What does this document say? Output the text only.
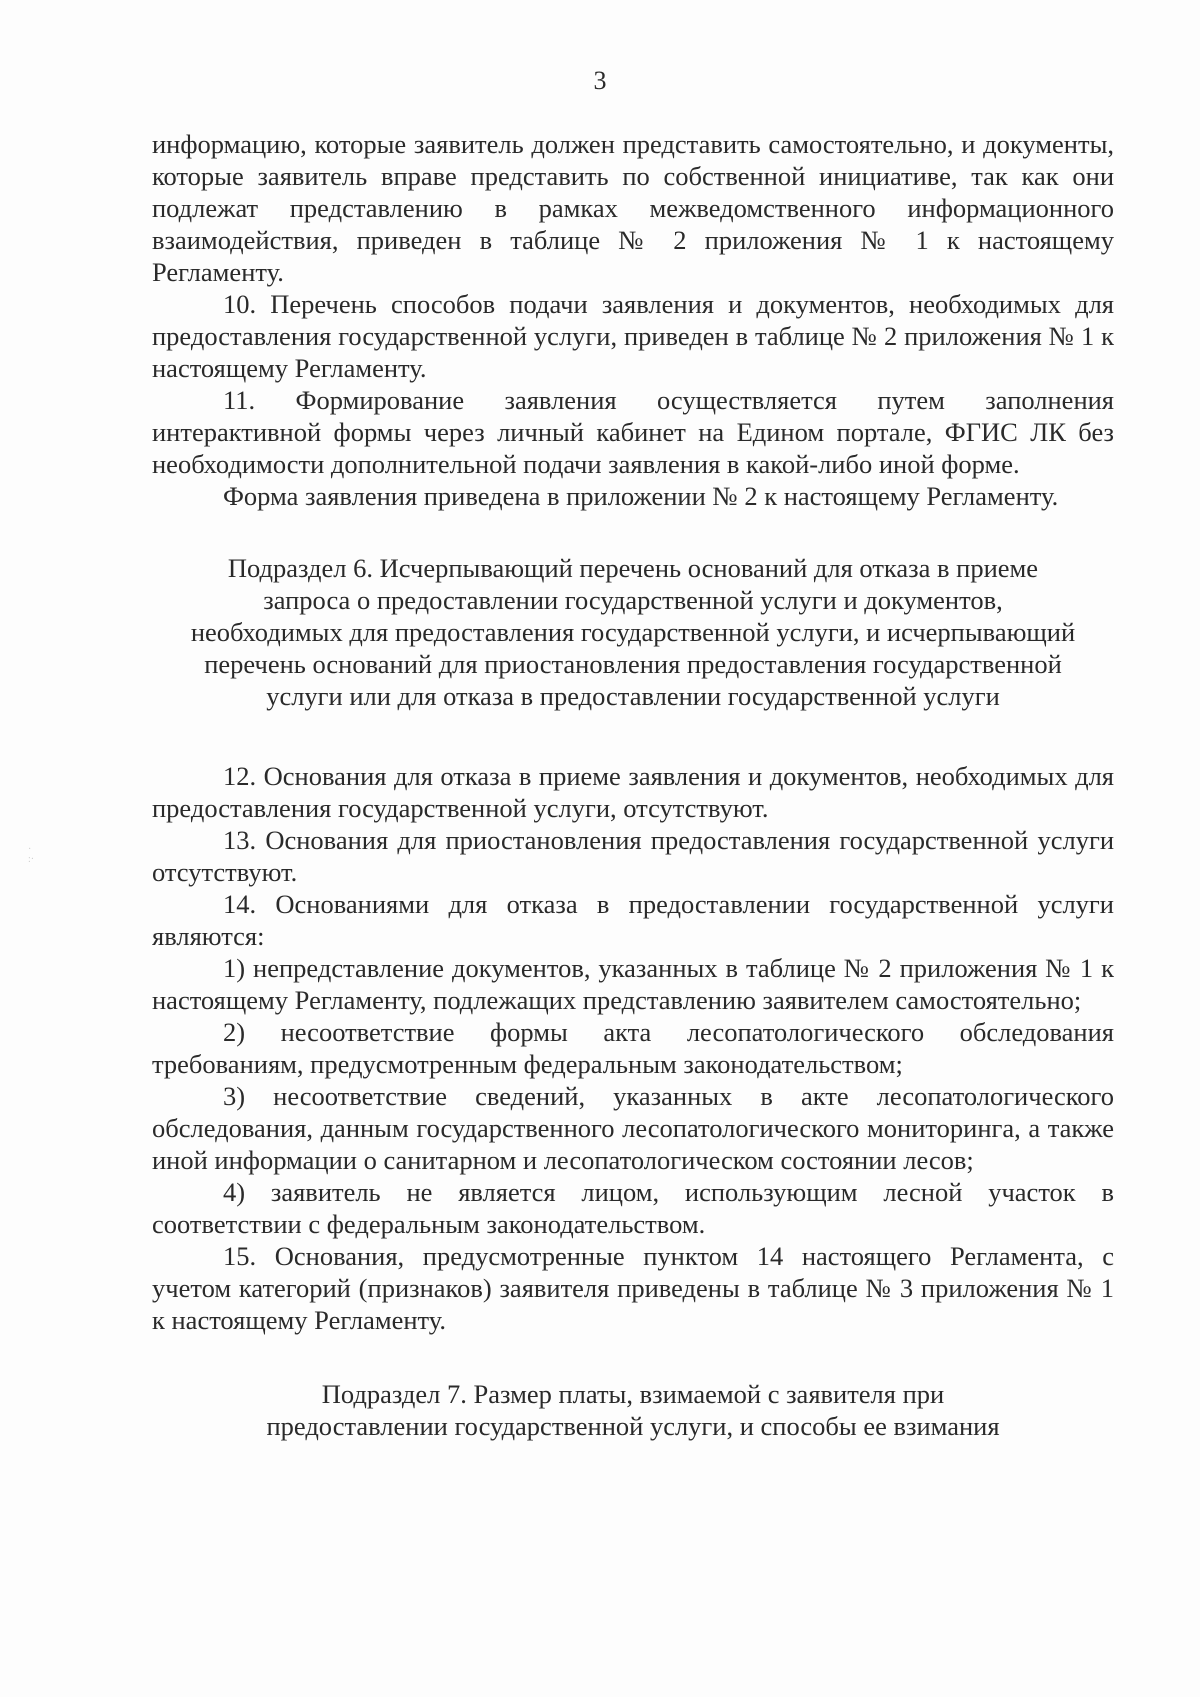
3
·
:·

информацию, которые заявитель должен представить самостоятельно, и документы, которые заявитель вправе представить по собственной инициативе, так как они подлежат представлению в рамках межведомственного информационного взаимодействия, приведен в таблице № 2 приложения № 1 к настоящему Регламенту.

10. Перечень способов подачи заявления и документов, необходимых для предоставления государственной услуги, приведен в таблице № 2 приложения № 1 к настоящему Регламенту.

11. Формирование заявления осуществляется путем заполнения интерактивной формы через личный кабинет на Едином портале, ФГИС ЛК без необходимости дополнительной подачи заявления в какой-либо иной форме.

Форма заявления приведена в приложении № 2 к настоящему Регламенту.

Подраздел 6. Исчерпывающий перечень оснований для отказа в приеме
запроса о предоставлении государственной услуги и документов,
необходимых для предоставления государственной услуги, и исчерпывающий
перечень оснований для приостановления предоставления государственной
услуги или для отказа в предоставлении государственной услуги

12. Основания для отказа в приеме заявления и документов, необходимых для предоставления государственной услуги, отсутствуют.

13. Основания для приостановления предоставления государственной услуги отсутствуют.

14. Основаниями для отказа в предоставлении государственной услуги являются:

1) непредставление документов, указанных в таблице № 2 приложения № 1 к настоящему Регламенту, подлежащих представлению заявителем самостоятельно;

2) несоответствие формы акта лесопатологического обследования требованиям, предусмотренным федеральным законодательством;

3) несоответствие сведений, указанных в акте лесопатологического обследования, данным государственного лесопатологического мониторинга, а также иной информации о санитарном и лесопатологическом состоянии лесов;

4) заявитель не является лицом, использующим лесной участок в соответствии с федеральным законодательством.

15. Основания, предусмотренные пунктом 14 настоящего Регламента, с учетом категорий (признаков) заявителя приведены в таблице № 3 приложения № 1 к настоящему Регламенту.

Подраздел 7. Размер платы, взимаемой с заявителя при
предоставлении государственной услуги, и способы ее взимания
